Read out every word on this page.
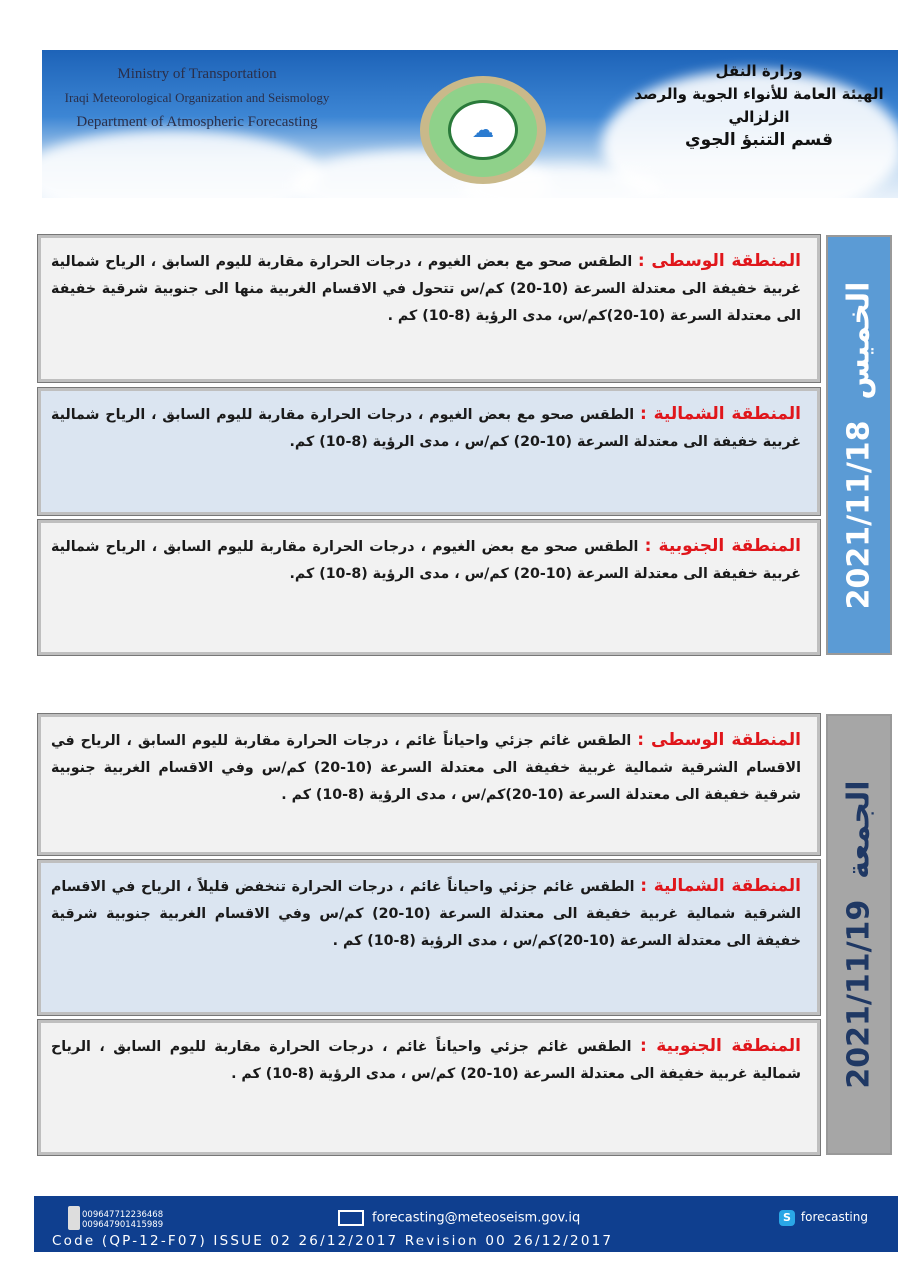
Ministry of Transportation
Iraqi Meteorological Organization and Seismology
Department of Atmospheric Forecasting	☁
وزارة النقل
الهيئة العامة للأنواء الجوية والرصد الزلزالي
قسم التنبؤ الجوي
المنطقة الوسطى : الطقس صحو مع بعض الغيوم ، درجات الحرارة مقاربة لليوم السابق ، الرياح شمالية غربية خفيفة الى معتدلة السرعة (10-20) كم/س تتحول في الاقسام الغربية منها الى جنوبية شرقية خفيفة الى معتدلة السرعة (10-20)كم/س، مدى الرؤية (8-10) كم .
المنطقة الشمالية : الطقس صحو مع بعض الغيوم ، درجات الحرارة مقاربة لليوم السابق ، الرياح شمالية غربية خفيفة الى معتدلة السرعة (10-20) كم/س ، مدى الرؤية (8-10) كم.
المنطقة الجنوبية : الطقس صحو مع بعض الغيوم ، درجات الحرارة مقاربة لليوم السابق ، الرياح شمالية غربية خفيفة الى معتدلة السرعة (10-20) كم/س ، مدى الرؤية (8-10) كم.	2021/11/18  الخميس
المنطقة الوسطى : الطقس غائم جزئي واحياناً غائم ، درجات الحرارة مقاربة لليوم السابق ، الرياح في الاقسام الشرقية شمالية غربية خفيفة الى معتدلة السرعة (10-20) كم/س وفي الاقسام الغربية جنوبية شرقية خفيفة الى معتدلة السرعة (10-20)كم/س ، مدى الرؤية (8-10) كم .
المنطقة الشمالية : الطقس غائم جزئي واحياناً غائم ، درجات الحرارة تنخفض قليلاً ، الرياح في الاقسام الشرقية شمالية غربية خفيفة الى معتدلة السرعة (10-20) كم/س وفي الاقسام الغربية جنوبية شرقية خفيفة الى معتدلة السرعة (10-20)كم/س ، مدى الرؤية (8-10) كم .
المنطقة الجنوبية : الطقس غائم جزئي واحياناً غائم ، درجات الحرارة مقاربة لليوم السابق ، الرياح شمالية غربية خفيفة الى معتدلة السرعة (10-20) كم/س ، مدى الرؤية (8-10) كم .	2021/11/19  الجمعة
009647712236468
009647901415989	forecasting@meteoseism.gov.iq	S forecasting
Code (QP-12-F07) ISSUE 02 26/12/2017 Revision 00 26/12/2017
